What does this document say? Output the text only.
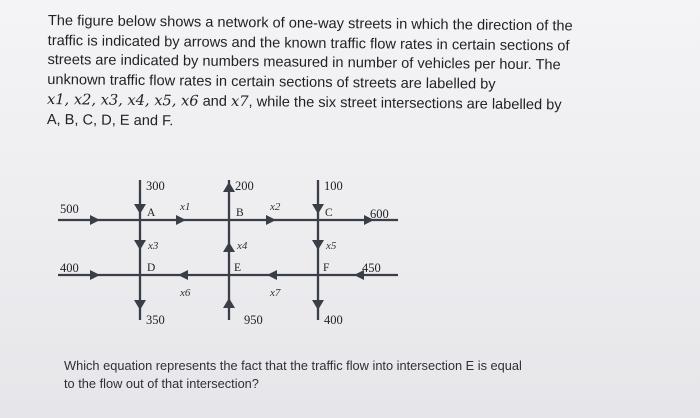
The figure below shows a network of one-way streets in which the direction of the

traffic is indicated by arrows and the known traffic flow rates in certain sections of

streets are indicated by numbers measured in number of vehicles per hour. The

unknown traffic flow rates in certain sections of streets are labelled by

x1, x2, x3, x4, x5, x6 and x7, while the six street intersections are labelled by

A, B, C, D, E and F.

300	200	100
500	600
400	450
350	950	400
A	B	C
D	E	F
x1	x2
x3	x4	x5
x6	x7

Which equation represents the fact that the traffic flow into intersection E is equal

to the flow out of that intersection?
